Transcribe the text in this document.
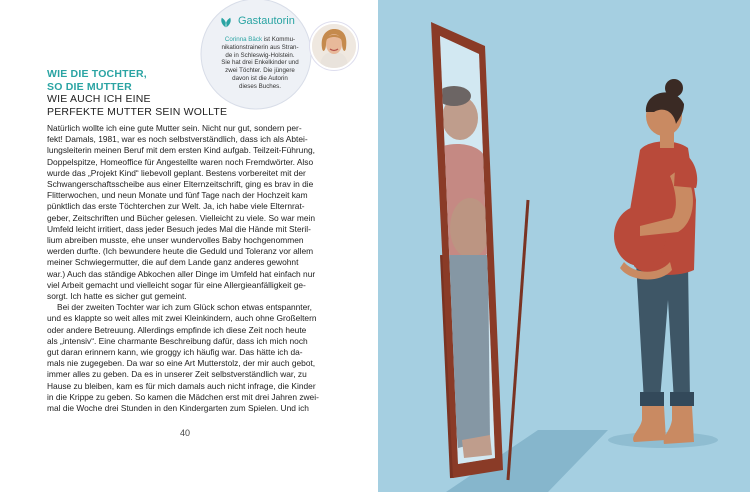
Gastautorin
Corinna Bäck ist Kommu-
nikationstrainerin aus Stran-
de in Schleswig-Holstein.
Sie hat drei Enkelkinder und
zwei Töchter. Die jüngere
davon ist die Autorin
dieses Buches.
WIE DIE TOCHTER,
SO DIE MUTTER
WIE AUCH ICH EINE
PERFEKTE MUTTER SEIN WOLLTE

Natürlich wollte ich eine gute Mutter sein. Nicht nur gut, sondern per-
fekt! Damals, 1981, war es noch selbstverständlich, dass ich als Abtei-
lungsleiterin meinen Beruf mit dem ersten Kind aufgab. Teilzeit-Führung,
Doppelspitze, Homeoffice für Angestellte waren noch Fremdwörter. Also
wurde das „Projekt Kind“ liebevoll geplant. Bestens vorbereitet mit der
Schwangerschaftsscheibe aus einer Elternzeitschrift, ging es brav in die
Flitterwochen, und neun Monate und fünf Tage nach der Hochzeit kam
pünktlich das erste Töchterchen zur Welt. Ja, ich habe viele Elternrat-
geber, Zeitschriften und Bücher gelesen. Vielleicht zu viele. So war mein
Umfeld leicht irritiert, dass jeder Besuch jedes Mal die Hände mit Steril-
lium abreiben musste, ehe unser wundervolles Baby hochgenommen
werden durfte. (Ich bewundere heute die Geduld und Toleranz vor allem
meiner Schwiegermutter, die auf dem Lande ganz anderes gewohnt
war.) Auch das ständige Abkochen aller Dinge im Umfeld hat einfach nur
viel Arbeit gemacht und vielleicht sogar für eine Allergieanfälligkeit ge-
sorgt. Ich hatte es sicher gut gemeint.

Bei der zweiten Tochter war ich zum Glück schon etwas entspannter,
und es klappte so weit alles mit zwei Kleinkindern, auch ohne Großeltern
oder andere Betreuung. Allerdings empfinde ich diese Zeit noch heute
als „intensiv“. Eine charmante Beschreibung dafür, dass ich mich noch
gut daran erinnern kann, wie groggy ich häufig war. Das hätte ich da-
mals nie zugegeben. Da war so eine Art Mutterstolz, der mir auch gebot,
immer alles zu geben. Da es in unserer Zeit selbstverständlich war, zu
Hause zu bleiben, kam es für mich damals auch nicht infrage, die Kinder
in die Krippe zu geben. So kamen die Mädchen erst mit drei Jahren zwei-
mal die Woche drei Stunden in den Kindergarten zum Spielen. Und ich

40
